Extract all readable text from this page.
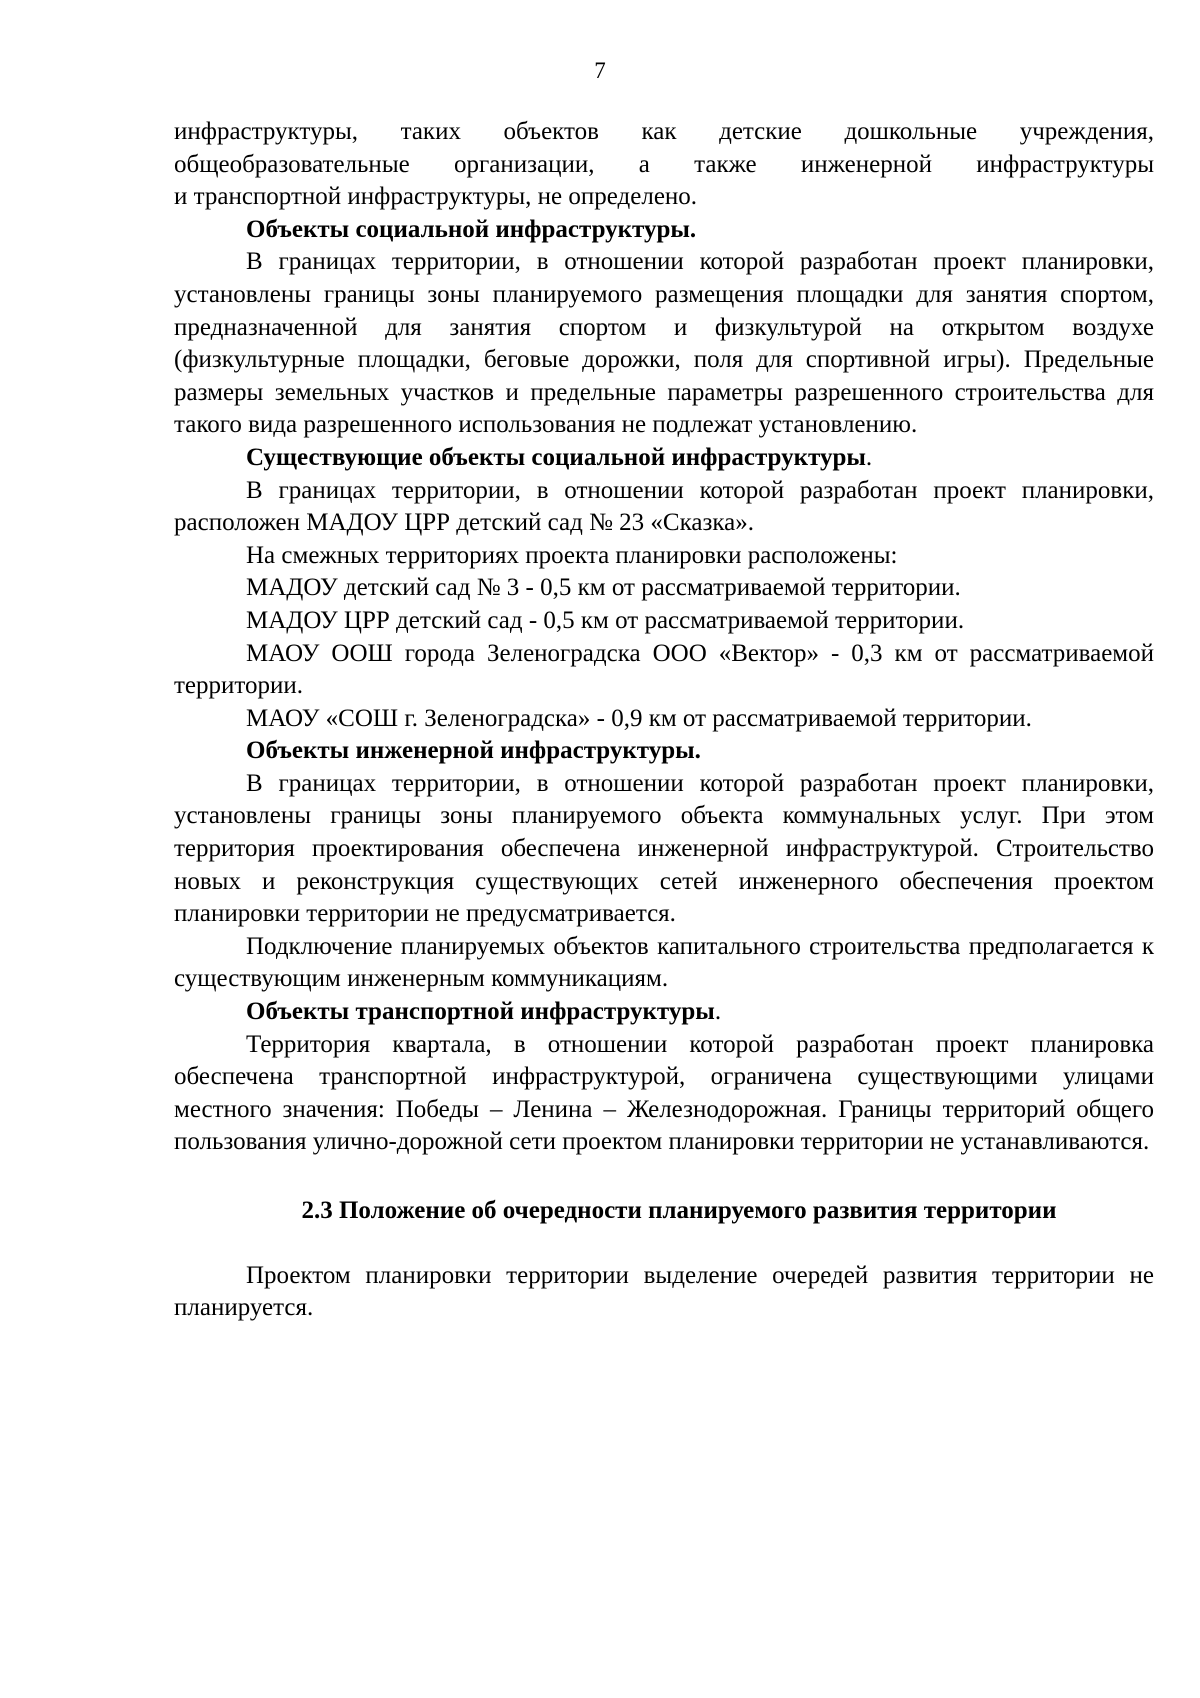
7

инфраструктуры, таких объектов как детские дошкольные учреждения,

общеобразовательные организации, а также инженерной инфраструктуры

и транспортной инфраструктуры, не определено.

Объекты социальной инфраструктуры.

В границах территории, в отношении которой разработан проект планировки, установлены границы зоны планируемого размещения площадки для занятия спортом, предназначенной для занятия спортом и физкультурой на открытом воздухе (физкультурные площадки, беговые дорожки, поля для спортивной игры). Предельные размеры земельных участков и предельные параметры разрешенного строительства для такого вида разрешенного использования не подлежат установлению.

Существующие объекты социальной инфраструктуры.

В границах территории, в отношении которой разработан проект планировки, расположен МАДОУ ЦРР детский сад № 23 «Сказка».

На смежных территориях проекта планировки расположены:

МАДОУ детский сад № 3 - 0,5 км от рассматриваемой территории.

МАДОУ ЦРР детский сад - 0,5 км от рассматриваемой территории.

МАОУ ООШ города Зеленоградска ООО «Вектор» - 0,3 км от рассматриваемой территории.

МАОУ «СОШ г. Зеленоградска» - 0,9 км от рассматриваемой территории.

Объекты инженерной инфраструктуры.

В границах территории, в отношении которой разработан проект планировки, установлены границы зоны планируемого объекта коммунальных услуг. При этом территория проектирования обеспечена инженерной инфраструктурой. Строительство новых и реконструкция существующих сетей инженерного обеспечения проектом планировки территории не предусматривается.

Подключение планируемых объектов капитального строительства предполагается к существующим инженерным коммуникациям.

Объекты транспортной инфраструктуры.

Территория квартала, в отношении которой разработан проект планировка обеспечена транспортной инфраструктурой, ограничена существующими улицами местного значения: Победы – Ленина – Железнодорожная. Границы территорий общего пользования улично-дорожной сети проектом планировки территории не устанавливаются.

2.3 Положение об очередности планируемого развития территории

Проектом планировки территории выделение очередей развития территории не планируется.
